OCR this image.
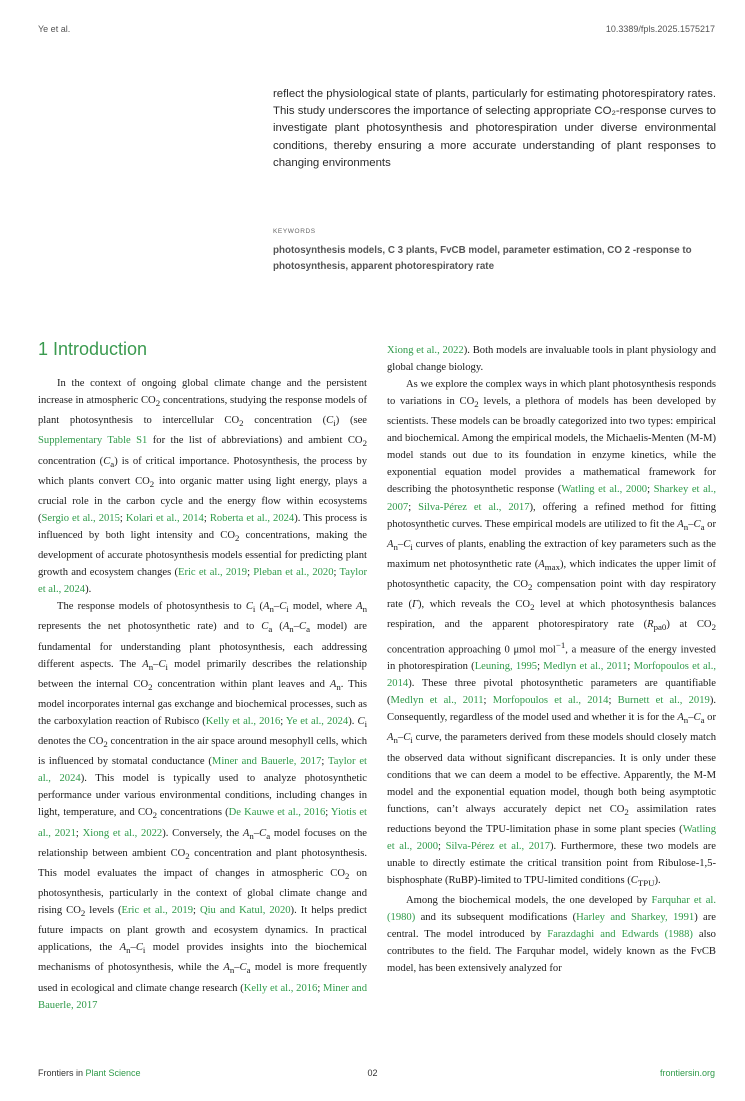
Ye et al.	10.3389/fpls.2025.1575217

reflect the physiological state of plants, particularly for estimating photorespiratory rates. This study underscores the importance of selecting appropriate CO₂-response curves to investigate plant photosynthesis and photorespiration under diverse environmental conditions, thereby ensuring a more accurate understanding of plant responses to changing environments

KEYWORDS

photosynthesis models, C 3 plants, FvCB model, parameter estimation, CO 2 -response to photosynthesis, apparent photorespiratory rate

1 Introduction

In the context of ongoing global climate change and the persistent increase in atmospheric $CO_2$ concentrations, studying the response models of plant photosynthesis to intercellular $CO_2$ concentration $(C_i)$ (see Supplementary Table S1 for the list of abbreviations) and ambient $CO_2$ concentration $(C_a)$ is of critical importance. Photosynthesis, the process by which plants convert $CO_2$ into organic matter using light energy, plays a crucial role in the carbon cycle and the energy flow within ecosystems (Sergio et al., 2015; Kolari et al., 2014; Roberta et al., 2024). This process is influenced by both light intensity and $CO_2$ concentrations, making the development of accurate photosynthesis models essential for predicting plant growth and ecosystem changes (Eric et al., 2019; Pleban et al., 2020; Taylor et al., 2024).

The response models of photosynthesis to $C_i$ ($A_n-C_i$ model, where $A_n$ represents the net photosynthetic rate) and to $C_a$ ($A_n-C_a$ model) are fundamental for understanding plant photosynthesis, each addressing different aspects. The $A_n-C_i$ model primarily describes the relationship between the internal $CO_2$ concentration within plant leaves and $A_n$. This model incorporates internal gas exchange and biochemical processes, such as the carboxylation reaction of Rubisco (Kelly et al., 2016; Ye et al., 2024). $C_i$ denotes the $CO_2$ concentration in the air space around mesophyll cells, which is influenced by stomatal conductance (Miner and Bauerle, 2017; Taylor et al., 2024). This model is typically used to analyze photosynthetic performance under various environmental conditions, including changes in light, temperature, and $CO_2$ concentrations (De Kauwe et al., 2016; Yiotis et al., 2021; Xiong et al., 2022). Conversely, the $A_n-C_a$ model focuses on the relationship between ambient $CO_2$ concentration and plant photosynthesis. This model evaluates the impact of changes in atmospheric $CO_2$ on photosynthesis, particularly in the context of global climate change and rising $CO_2$ levels (Eric et al., 2019; Qiu and Katul, 2020). It helps predict future impacts on plant growth and ecosystem dynamics. In practical applications, the $A_n-C_i$ model provides insights into the biochemical mechanisms of photosynthesis, while the $A_n-C_a$ model is more frequently used in ecological and climate change research (Kelly et al., 2016; Miner and Bauerle, 2017

Xiong et al., 2022). Both models are invaluable tools in plant physiology and global change biology.

As we explore the complex ways in which plant photosynthesis responds to variations in $CO_2$ levels, a plethora of models has been developed by scientists. These models can be broadly categorized into two types: empirical and biochemical. Among the empirical models, the Michaelis-Menten (M-M) model stands out due to its foundation in enzyme kinetics, while the exponential equation model provides a mathematical framework for describing the photosynthetic response (Watling et al., 2000; Sharkey et al., 2007; Silva-Pérez et al., 2017), offering a refined method for fitting photosynthetic curves. These empirical models are utilized to fit the $A_n-C_a$ or $A_n-C_i$ curves of plants, enabling the extraction of key parameters such as the maximum net photosynthetic rate $(A_{max})$, which indicates the upper limit of photosynthetic capacity, the $CO_2$ compensation point with day respiratory rate (Γ), which reveals the $CO_2$ level at which photosynthesis balances respiration, and the apparent photorespiratory rate $(R_{pa0})$ at $CO_2$ concentration approaching 0 μmol mol$^{-1}$, a measure of the energy invested in photorespiration (Leuning, 1995; Medlyn et al., 2011; Morfopoulos et al., 2014). These three pivotal photosynthetic parameters are quantifiable (Medlyn et al., 2011; Morfopoulos et al., 2014; Burnett et al., 2019). Consequently, regardless of the model used and whether it is for the $A_n-C_a$ or $A_n-C_i$ curve, the parameters derived from these models should closely match the observed data without significant discrepancies. It is only under these conditions that we can deem a model to be effective. Apparently, the M-M model and the exponential equation model, though both being asymptotic functions, can’t always accurately depict net $CO_2$ assimilation rates reductions beyond the TPU-limitation phase in some plant species (Watling et al., 2000; Silva-Pérez et al., 2017). Furthermore, these two models are unable to directly estimate the critical transition point from Ribulose-1,5-bisphosphate (RuBP)-limited to TPU-limited conditions $(C_{TPU})$.

Among the biochemical models, the one developed by Farquhar et al. (1980) and its subsequent modifications (Harley and Sharkey, 1991) are central. The model introduced by Farazdaghi and Edwards (1988) also contributes to the field. The Farquhar model, widely known as the FvCB model, has been extensively analyzed for

Frontiers in Plant Science	02	frontiersin.org
